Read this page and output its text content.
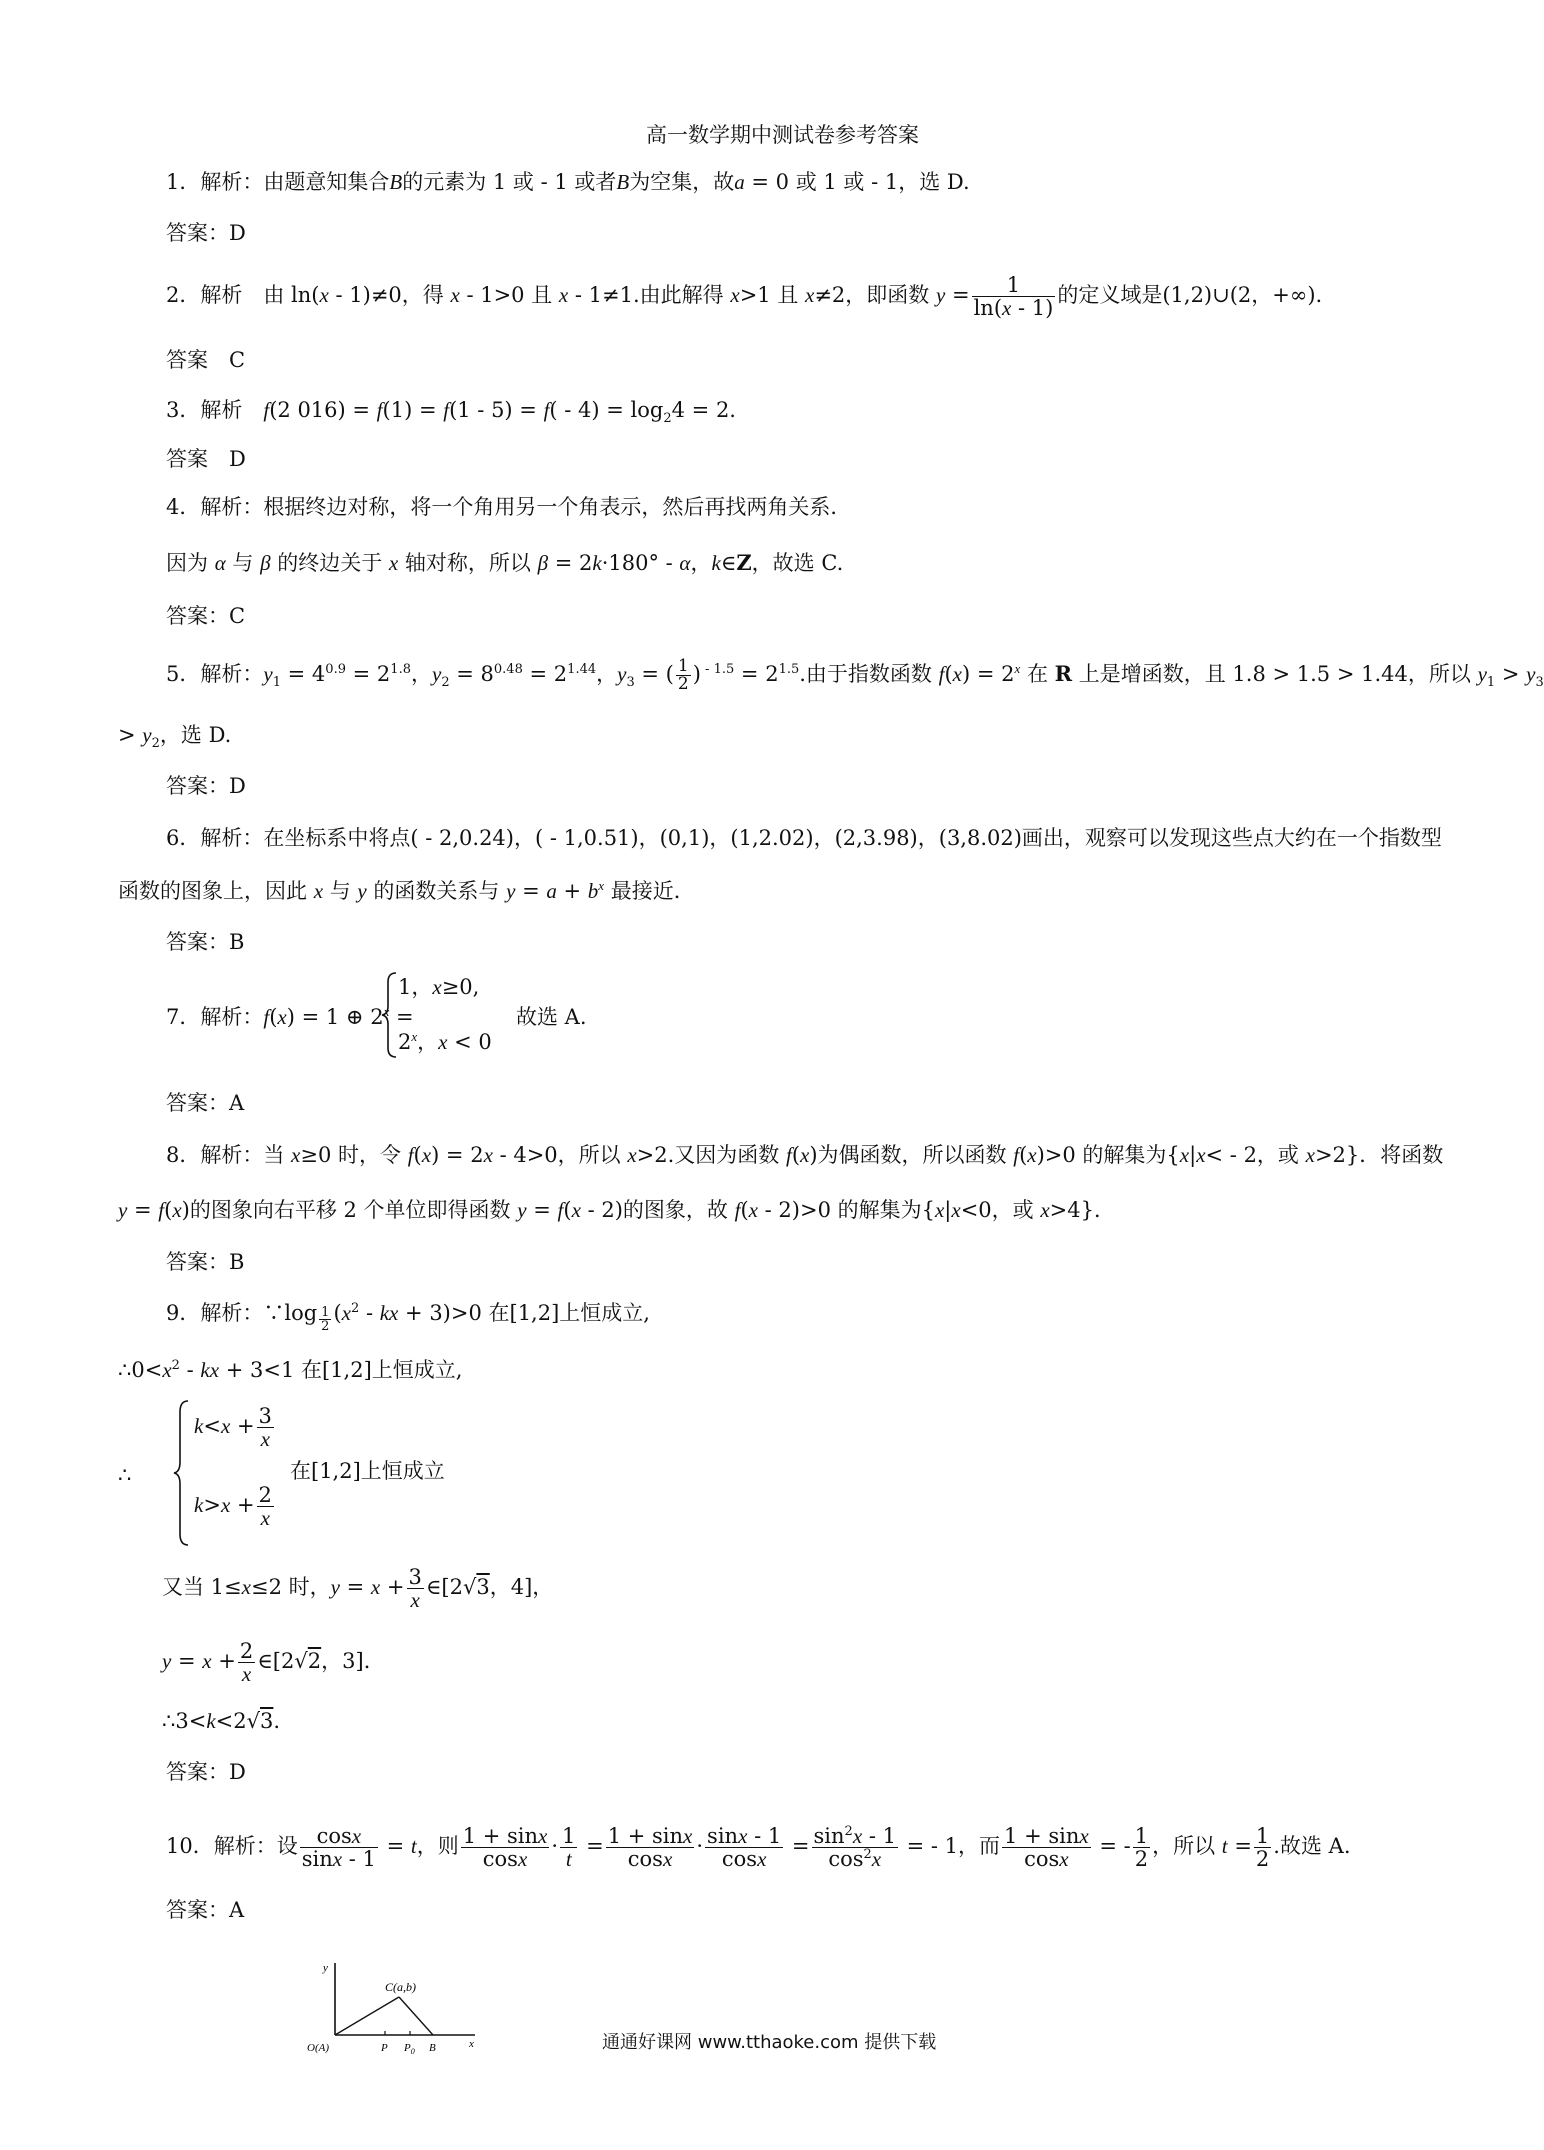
高一数学期中测试卷参考答案
1．解析：由题意知集合B的元素为 1 或 - 1 或者B为空集，故a = 0 或 1 或 - 1，选 D.
答案：D
2．解析　由 ln(x - 1)≠0，得 x - 1>0 且 x - 1≠1.由此解得 x>1 且 x≠2，即函数 $y = \frac{1}{\ln(x - 1)}$ 的定义域是(1,2)∪(2，+∞).
答案　C
3．解析　f(2 $016) = f(1) = f(1 - 5) = f( - 4) = \log_24 = 2$.
答案　D
4．解析：根据终边对称，将一个角用另一个角表示，然后再找两角关系．
因为 α 与 β 的终边关于 x 轴对称，所以 β = 2k·180° - α，k∈Z，故选 C.
答案：C
5．解析：$y_1 = 4^{0.9} = 2^{1.8}$，$y_2 = 8^{0.48} = 2^{1.44}$，$y_3$ = ( $\frac{1}{2}$ ) $^{- 1.5} = 2^{1.5}$.由于指数函数 $f(x) = 2^x$ 在 R 上是增函数，且 1.8 > 1.5 > 1.44，所以 $y_1 > y_3$
> $y_2$，选 D.
答案：D
6．解析：在坐标系中将点( - 2,0.24)，( - 1,0.51)，(0,1)，(1,2.02)，(2,3.98)，(3,8.02)画出，观察可以发现这些点大约在一个指数型
函数的图象上，因此 x 与 y 的函数关系与 $y = a + b^x$ 最接近．
答案：B
7．解析：f(x) = 1 ⊕ $2^x$ =
1，x≥0,
2$^x$，x < 0
故选 A.
答案：A
8．解析：当 x≥0 时，令 f(x) = 2x - 4>0，所以 x>2.又因为函数 f(x)为偶函数，所以函数 f(x)>0 的解集为{x|x< - 2，或 x>2}．将函数
y = f(x)的图象向右平移 2 个单位即得函数 y = f(x - 2)的图象，故 f(x - 2)>0 的解集为{x|x<0，或 x>4}．
答案：B
9．解析：∵log $\frac{1}{2} (x^2$ - kx + 3)>0 在[1,2]上恒成立,
$\therefore 0<x^2$ - kx + 3<1 在[1,2]上恒成立,
∴
$k<x + \frac{3}{x}$
$k>x + \frac{2}{x}$
在[1,2]上恒成立
又当 1≤x≤2 时，$y = x + \frac{3}{x}$ ∈[2√3，4]，
$y = x + \frac{2}{x}$ ∈[2√2，3]．
∴3<k<2√3.
答案：D
10．解析：设 $\frac{\cos x}{\sin x - 1} = t$，则 $\frac{1 + \sin x}{\cos x} \cdot \frac{1}{t} = \frac{1 + \sin x}{\cos x} \cdot \frac{\sin x - 1}{\cos x} = \frac{\sin^2x - 1}{\cos^2x}$ = - 1，而 $\frac{1 + \sin x}{\cos x}$ = - $\frac{1}{2}$ ，所以 $t = \frac{1}{2}$ .故选 A.
答案：A
y
C(a,b)
O(A)	P $P_0$ B	x	通通好课网 www.tthaoke.com 提供下载
